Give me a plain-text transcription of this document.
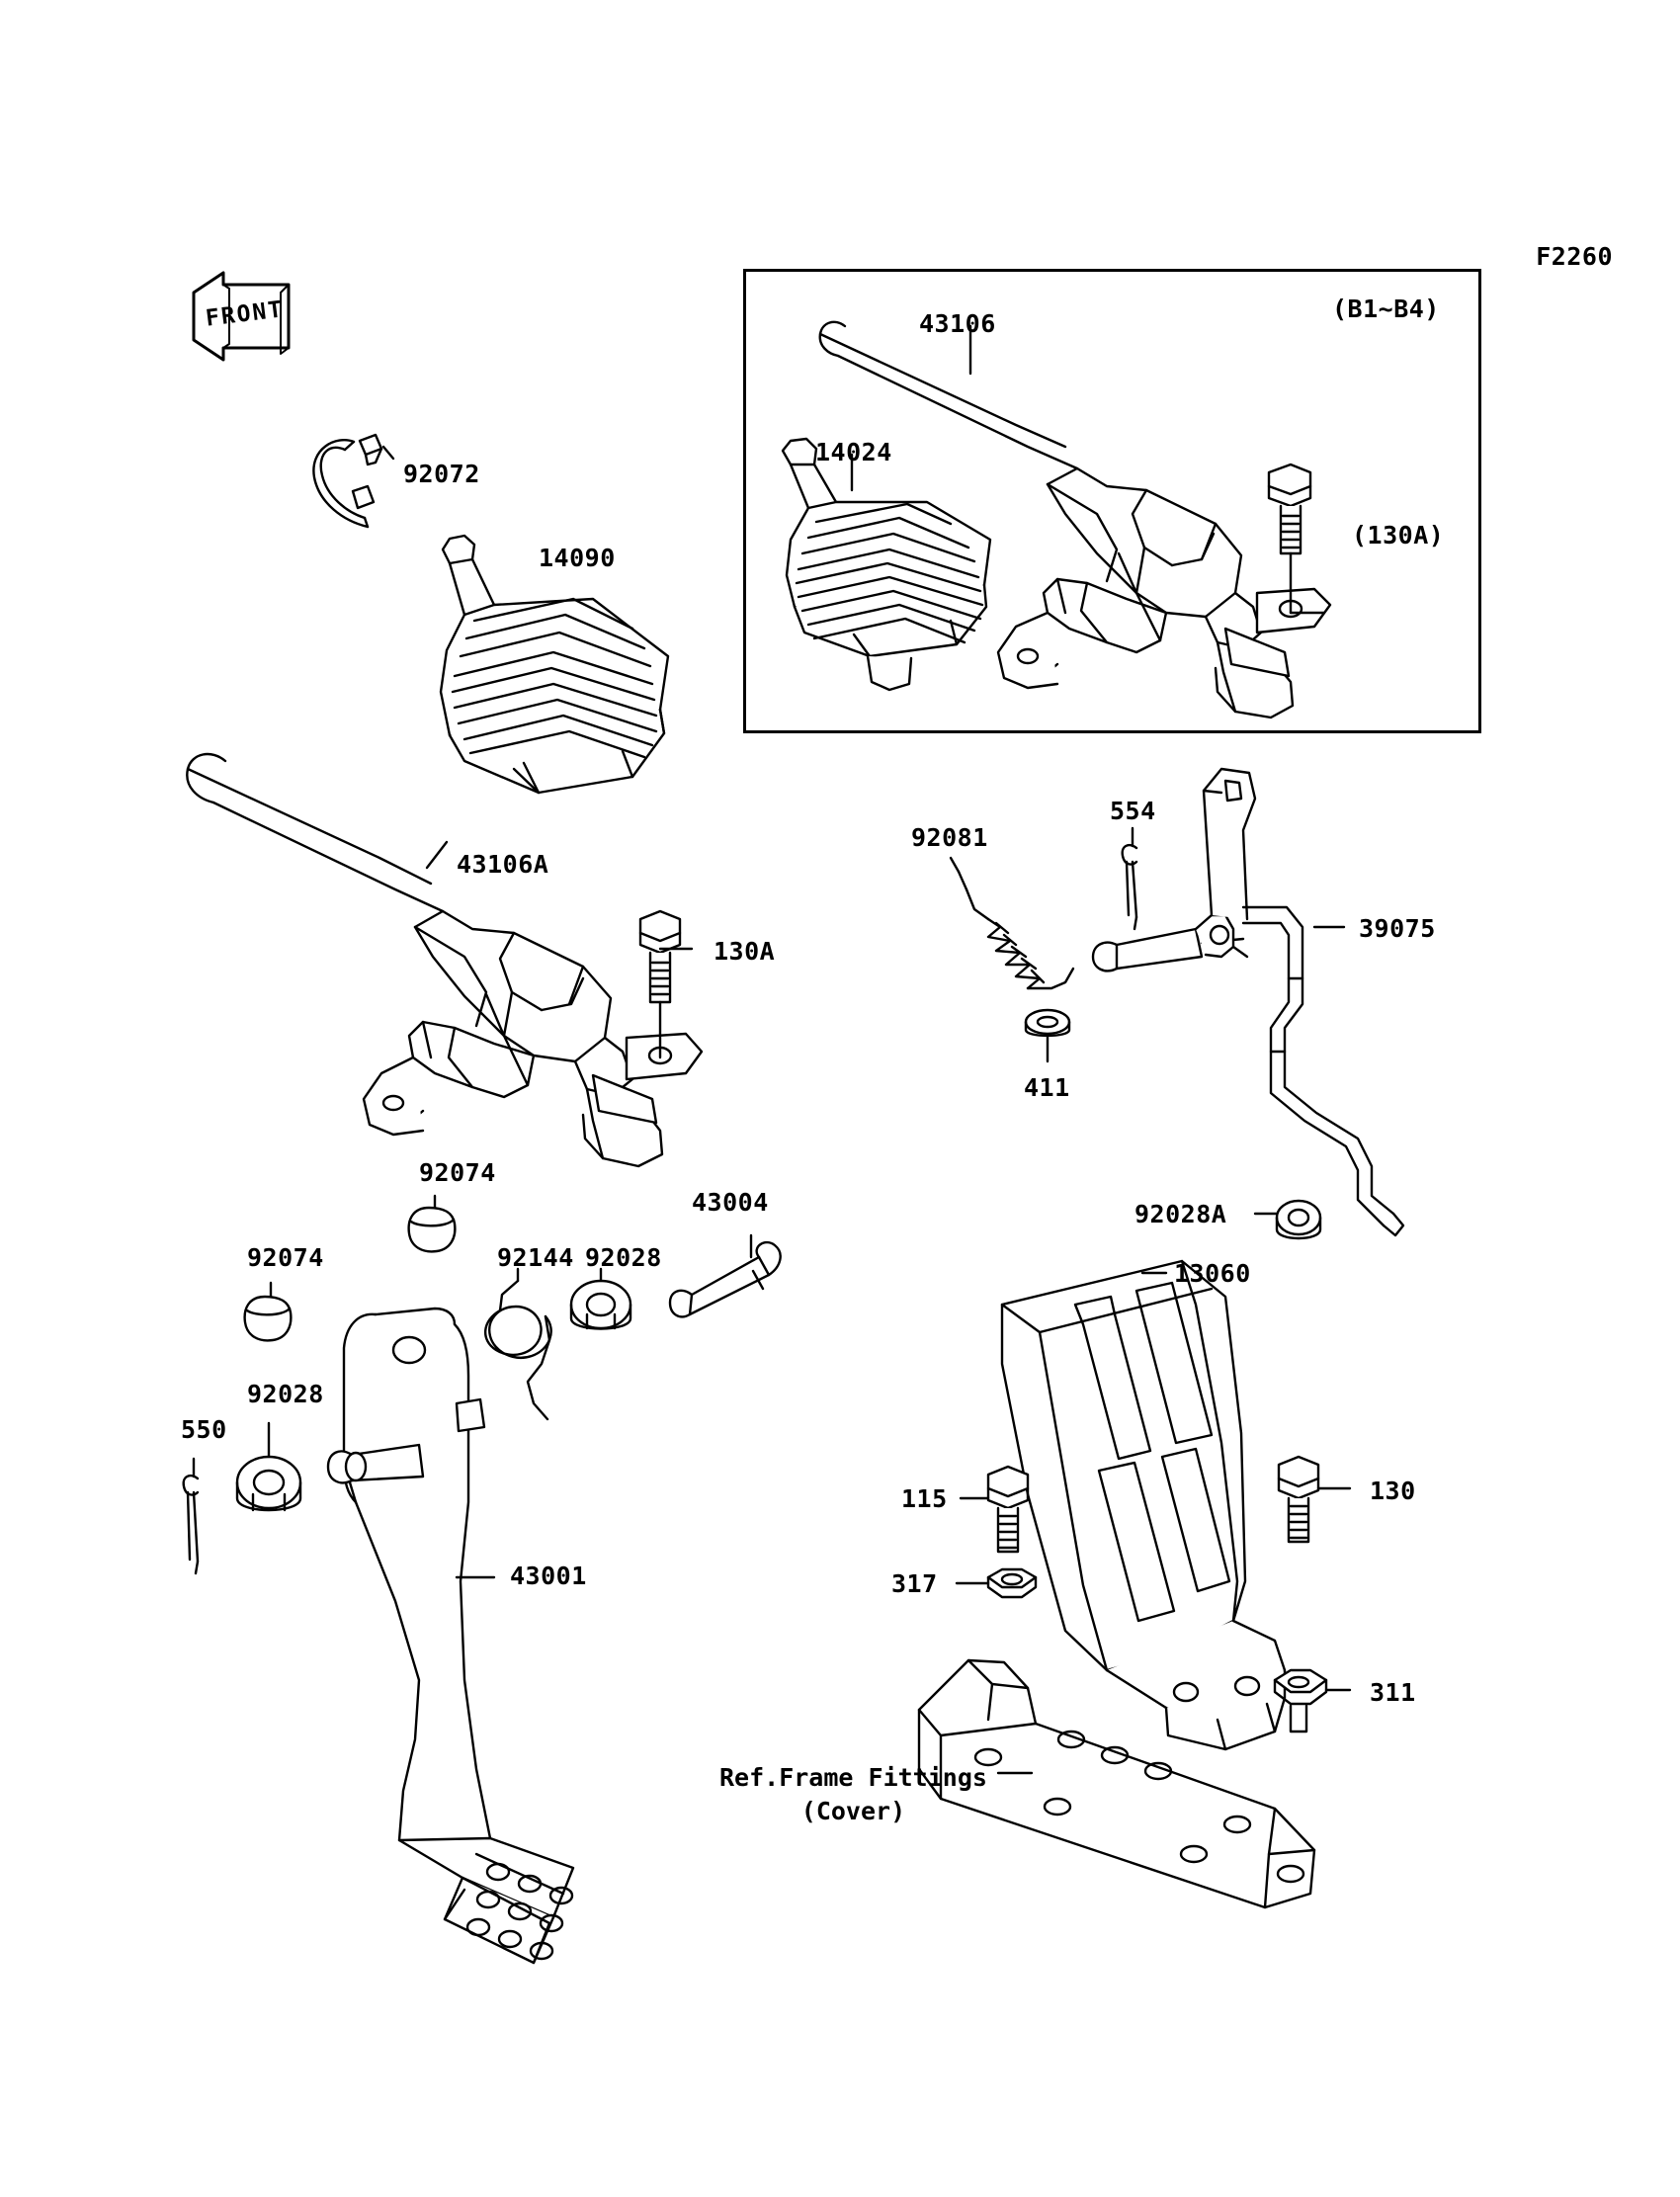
FRONT
F2260
(B1~B4)
Ref.Frame Fittings
(Cover)
92072
14090
43106
14024
(130A)
43106A
130A
92081
554
39075
411
92074
92074	92144 92028
43004	92028A
13060
550
92028
43001
115
317
130
311
